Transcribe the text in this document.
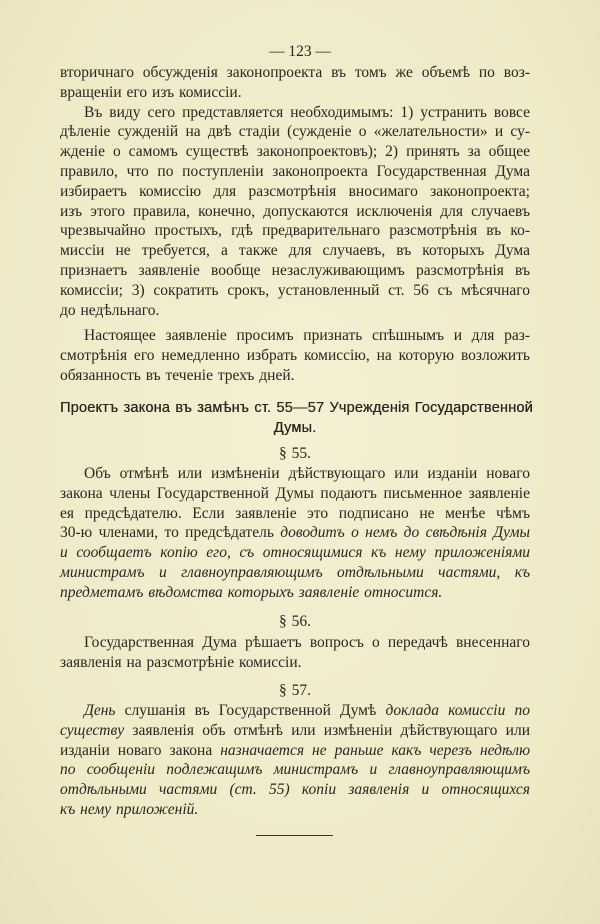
— 123 —
вторичнаго обсужденія законопроекта въ томъ же объемѣ по воз-
вращеніи его изъ комиссіи.
Въ виду сего представляется необходимымъ: 1) устранить вовсе
дѣленіе сужденій на двѣ стадіи (сужденіе о «желательности» и су-
жденіе о самомъ существѣ законопроектовъ); 2) принять за общее
правило, что по поступленіи законопроекта Государственная Дума
избираетъ комиссію для разсмотрѣнія вносимаго законопроекта;
изъ этого правила, конечно, допускаются исключенія для случаевъ
чрезвычайно простыхъ, гдѣ предварительнаго разсмотрѣнія въ ко-
миссіи не требуется, а также для случаевъ, въ которыхъ Дума
признаетъ заявленіе вообще незаслуживающимъ разсмотрѣнія въ
комиссіи; 3) сократить срокъ, установленный ст. 56 съ мѣсячнаго
до недѣльнаго.
Настоящее заявленіе просимъ признать спѣшнымъ и для раз-
смотрѣнія его немедленно избрать комиссію, на которую возложить
обязанность въ теченіе трехъ дней.
Проектъ закона въ замѣнъ ст. 55—57 Учрежденія Государственной
Думы.
§ 55.
Объ отмѣнѣ или измѣненіи дѣйствующаго или изданіи новаго
закона члены Государственной Думы подаютъ письменное заявленіе
ея предсѣдателю. Если заявленіе это подписано не менѣе чѣмъ
30-ю членами, то предсѣдатель доводитъ о немъ до свѣдѣнія Думы
и сообщаетъ копію его, съ относящимися къ нему приложеніями
министрамъ и главноуправляющимъ отдѣльными частями, къ
предметамъ вѣдомства которыхъ заявленіе относится.
§ 56.
Государственная Дума рѣшаетъ вопросъ о передачѣ внесеннаго
заявленія на разсмотрѣніе комиссіи.
§ 57.
День слушанія въ Государственной Думѣ доклада комиссіи по
существу заявленія объ отмѣнѣ или измѣненіи дѣйствующаго или
изданіи новаго закона назначается не раньше какъ черезъ недѣлю
по сообщеніи подлежащимъ министрамъ и главноуправляющимъ
отдѣльными частями (ст. 55) копіи заявленія и относящихся
къ нему приложеній.
